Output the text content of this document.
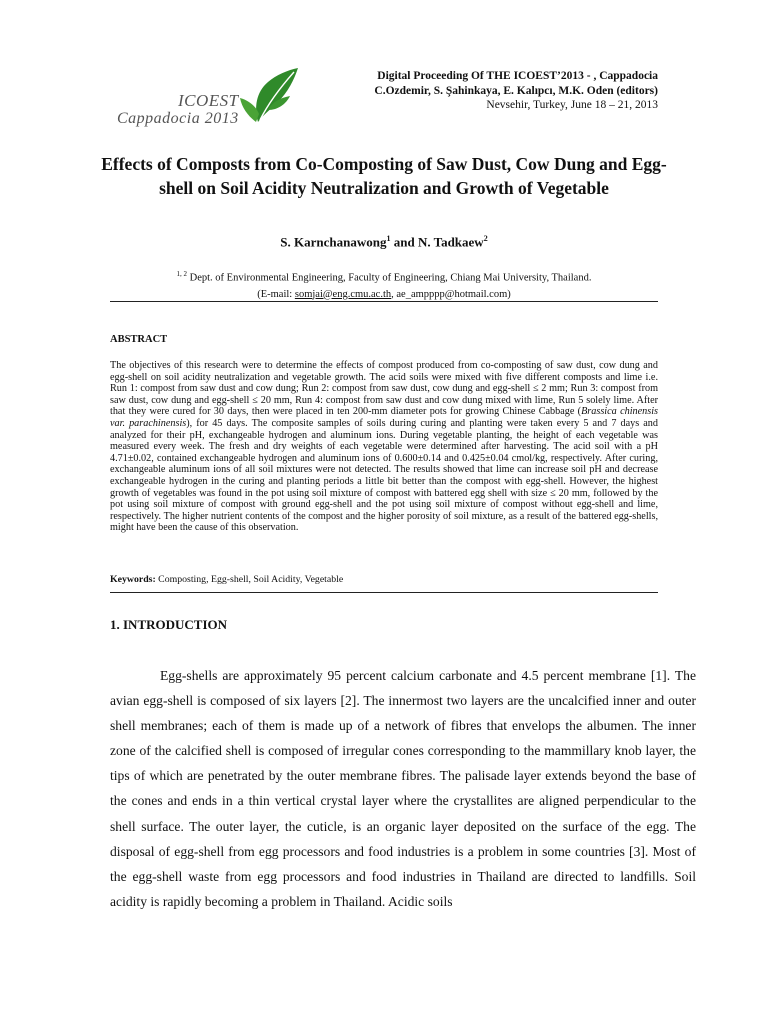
ICOEST
Cappadocia 2013
Digital Proceeding Of THE ICOEST’2013 - , Cappadocia
C.Ozdemir, S. Şahinkaya, E. Kalıpcı, M.K. Oden (editors)
Nevsehir, Turkey, June 18 – 21, 2013
Effects of Composts from Co-Composting of Saw Dust, Cow Dung and Egg-shell on Soil Acidity Neutralization and Growth of Vegetable
S. Karnchanawong$^1$ and N. Tadkaew$^2$
$^{1, 2}$ Dept. of Environmental Engineering, Faculty of Engineering, Chiang Mai University, Thailand.
(E-mail: somjai@eng.cmu.ac.th, ae_ampppp@hotmail.com)
ABSTRACT
The objectives of this research were to determine the effects of compost produced from co-composting of saw dust, cow dung and egg-shell on soil acidity neutralization and vegetable growth. The acid soils were mixed with five different composts and lime i.e. Run 1: compost from saw dust and cow dung; Run 2: compost from saw dust, cow dung and egg-shell ≤ 2 mm; Run 3: compost from saw dust, cow dung and egg-shell ≤ 20 mm, Run 4: compost from saw dust and cow dung mixed with lime, Run 5 solely lime. After that they were cured for 30 days, then were placed in ten 200-mm diameter pots for growing Chinese Cabbage (Brassica chinensis var. parachinensis), for 45 days. The composite samples of soils during curing and planting were taken every 5 and 7 days and analyzed for their pH, exchangeable hydrogen and aluminum ions. During vegetable planting, the height of each vegetable was measured every week. The fresh and dry weights of each vegetable were determined after harvesting. The acid soil with a pH 4.71±0.02, contained exchangeable hydrogen and aluminum ions of 0.600±0.14 and 0.425±0.04 cmol/kg, respectively. After curing, exchangeable aluminum ions of all soil mixtures were not detected. The results showed that lime can increase soil pH and decrease exchangeable hydrogen in the curing and planting periods a little bit better than the compost with egg-shell. However, the highest growth of vegetables was found in the pot using soil mixture of compost with battered egg shell with size ≤ 20 mm, followed by the pot using soil mixture of compost with ground egg-shell and the pot using soil mixture of compost without egg-shell and lime, respectively. The higher nutrient contents of the compost and the higher porosity of soil mixture, as a result of the battered egg-shells, might have been the cause of this observation.
Keywords: Composting, Egg-shell, Soil Acidity, Vegetable
1. INTRODUCTION

Egg-shells are approximately 95 percent calcium carbonate and 4.5 percent membrane [1]. The avian egg-shell is composed of six layers [2]. The innermost two layers are the uncalcified inner and outer shell membranes; each of them is made up of a network of fibres that envelops the albumen. The inner zone of the calcified shell is composed of irregular cones corresponding to the mammillary knob layer, the tips of which are penetrated by the outer membrane fibres. The palisade layer extends beyond the base of the cones and ends in a thin vertical crystal layer where the crystallites are aligned perpendicular to the shell surface. The outer layer, the cuticle, is an organic layer deposited on the surface of the egg. The disposal of egg-shell from egg processors and food industries is a problem in some countries [3]. Most of the egg-shell waste from egg processors and food industries in Thailand are directed to landfills. Soil acidity is rapidly becoming a problem in Thailand. Acidic soils
